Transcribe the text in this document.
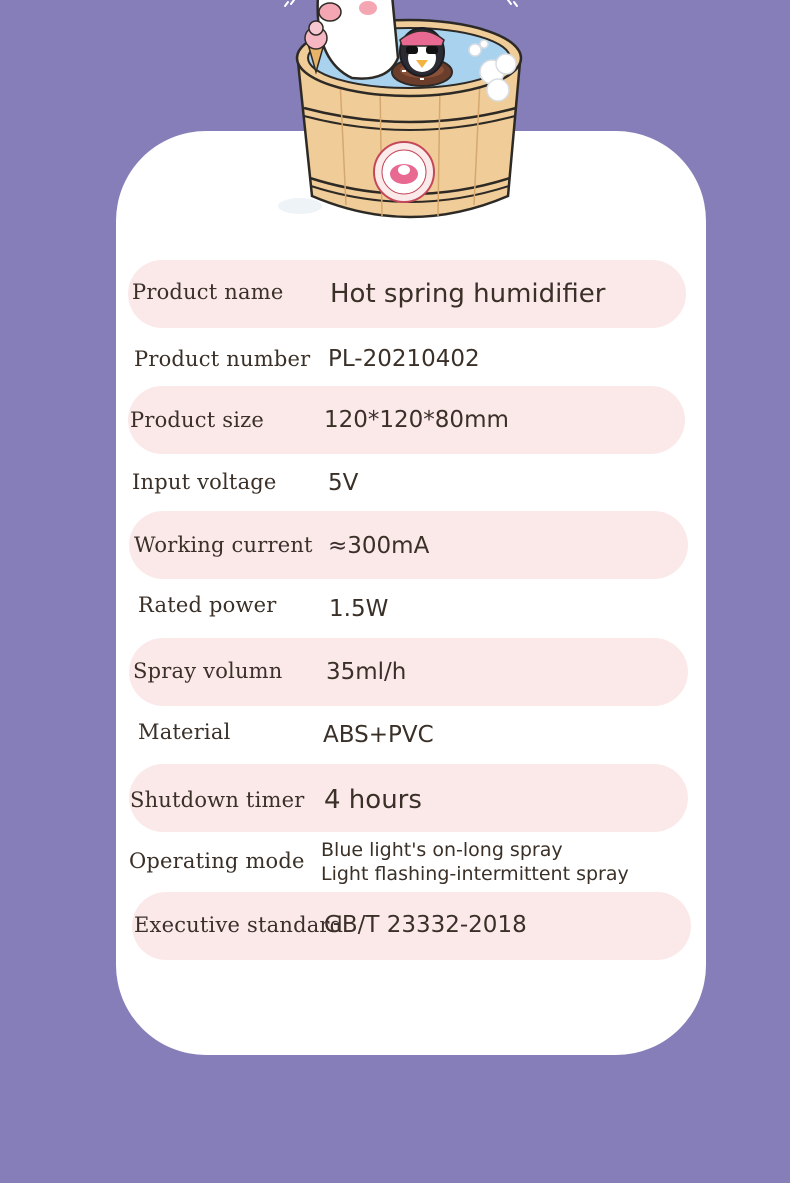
Product name Hot spring humidifier
Product number PL-20210402
Product size	120*120*80mm
Input voltage 5V
Working current ≈300mA
Rated power 1.5W
Spray volumn 35ml/h
Material	ABS+PVC
Shutdown timer 4 hours
Operating mode Blue light's on-long spray
Light flashing-intermittent spray
Executive standard
GB/T 23332-2018
